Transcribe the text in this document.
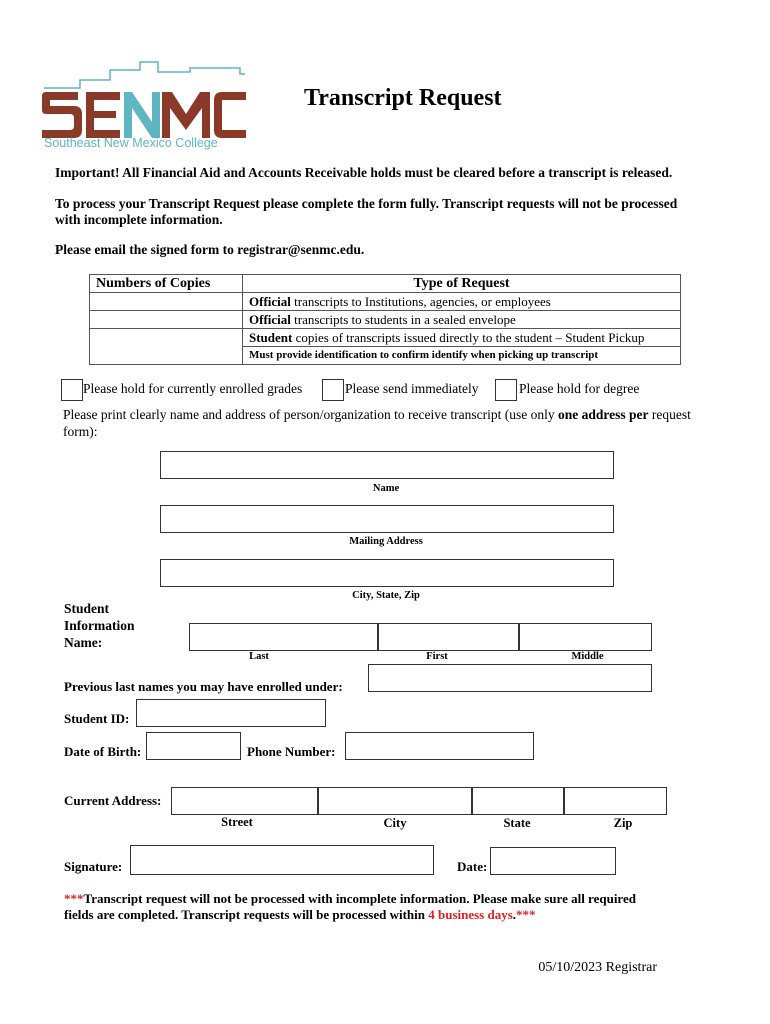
Southeast New Mexico College
Transcript Request
Important! All Financial Aid and Accounts Receivable holds must be cleared before a transcript is released.
To process your Transcript Request please complete the form fully. Transcript requests will not be processed with incomplete information.
Please email the signed form to registrar@senmc.edu.
Numbers of Copies	Type of Request
	Official transcripts to Institutions, agencies, or employees
	Official transcripts to students in a sealed envelope
	Student copies of transcripts issued directly to the student – Student Pickup
	Must provide identification to confirm identify when picking up transcript
Please hold for currently enrolled grades	Please send immediately	Please hold for degree
Please print clearly name and address of person/organization to receive transcript (use only one address per request form):
Name
Mailing Address
City, State, Zip
Student
Information
Name:
Last	First	Middle
Previous last names you may have enrolled under:
Student ID:
Date of Birth:	Phone Number:
Current Address:
Street	City	State	Zip
Signature:	Date:
***Transcript request will not be processed with incomplete information. Please make sure all required fields are completed. Transcript requests will be processed within 4 business days.***
05/10/2023 Registrar
